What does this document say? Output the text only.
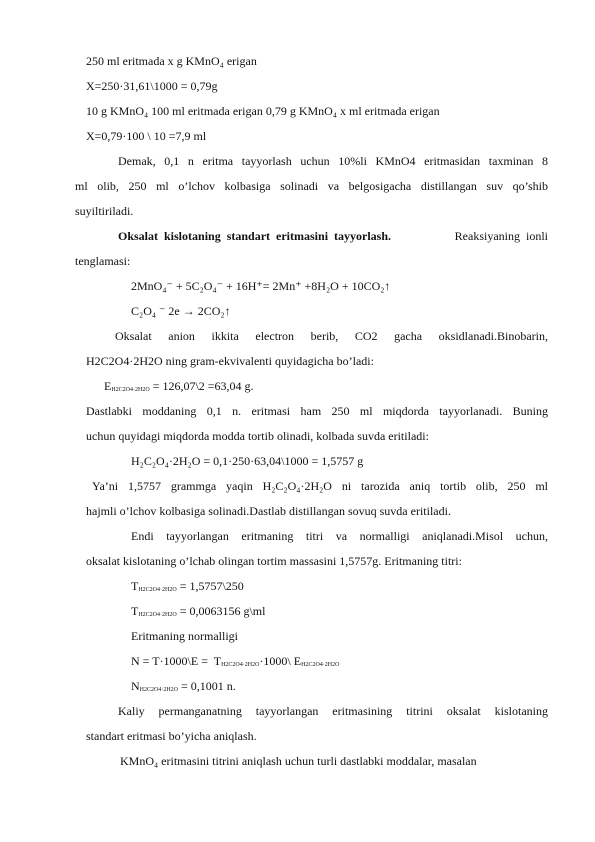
250 ml eritmada x g KMnO₄ erigan
X=250·31,61\1000 = 0,79g
10 g KMnO₄ 100 ml eritmada erigan 0,79 g KMnO₄ x ml eritmada erigan
X=0,79·100 \ 10 =7,9 ml
Demak, 0,1 n eritma tayyorlash uchun 10%li KMnO4 eritmasidan taxminan 8
ml olib, 250 ml o’lchov kolbasiga solinadi va belgosigacha distillangan suv qo’shib
suyiltiriladi.
Oksalat  kislotaning  standart  eritmasini  tayyorlash.	Reaksiyaning  ionli
tenglamasi:
2MnO₄⁻ + 5C₂O₄⁻ + 16H⁺= 2Mn⁺ +8H₂O + 10CO₂↑
C₂O₄ ⁻ 2e → 2CO₂↑
Oksalat anion ikkita electron berib, CO2 gacha oksidlanadi.Binobarin,
H2C2O4·2H2O ning gram-ekvivalenti quyidagicha bo’ladi:
EH2C2O4·2H2O = 126,07\2 =63,04 g.
Dastlabki moddaning 0,1 n. eritmasi ham 250 ml miqdorda tayyorlanadi. Buning
uchun quyidagi miqdorda modda tortib olinadi, kolbada suvda eritiladi:
H₂C₂O₄·2H₂O = 0,1·250·63,04\1000 = 1,5757 g
Ya’ni 1,5757 grammga yaqin H₂C₂O₄·2H₂O ni tarozida aniq tortib olib, 250 ml
hajmli o’lchov kolbasiga solinadi.Dastlab distillangan sovuq suvda eritiladi.
Endi tayyorlangan eritmaning titri va normalligi aniqlanadi.Misol uchun,
oksalat kislotaning o’lchab olingan tortim massasini 1,5757g. Eritmaning titri:
TH2C2O4·2H2O = 1,5757\250
TH2C2O4·2H2O = 0,0063156 g\ml
Eritmaning normalligi
N = T·1000\E =  TH2C2O4·2H2O·1000\ EH2C2O4·2H2O
NH2C2O4·2H2O = 0,1001 n.
Kaliy permanganatning tayyorlangan eritmasining titrini oksalat kislotaning
standart eritmasi bo’yicha aniqlash.
KMnO₄ eritmasini titrini aniqlash uchun turli dastlabki moddalar, masalan
